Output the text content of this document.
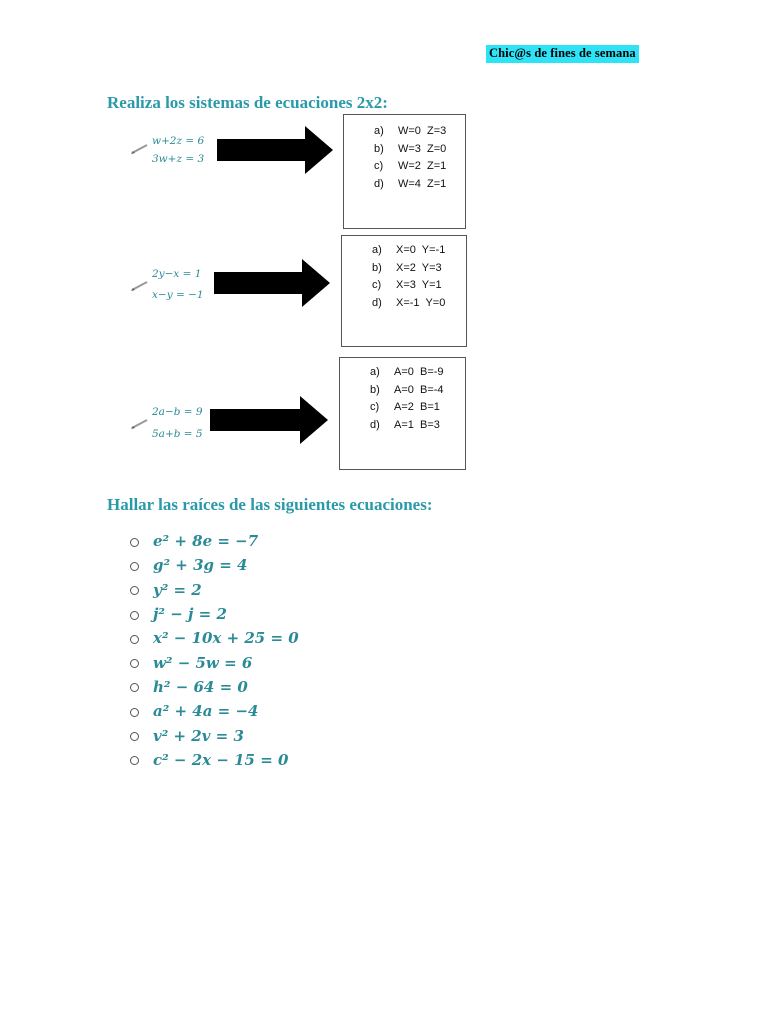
Chic@s de fines de semana
Realiza los sistemas de ecuaciones 2x2:
w+2z = 6
3w+z = 3
a)	W=0  Z=3
b)	W=3  Z=0
c)	W=2  Z=1
d)	W=4  Z=1
2y−x = 1
x−y = −1
a)	X=0  Y=-1
b)	X=2  Y=3
c)	X=3  Y=1
d)	X=-1  Y=0
2a−b = 9
5a+b = 5
a)	A=0  B=-9
b)	A=0  B=-4
c)	A=2  B=1
d)	A=1  B=3
Hallar las raíces de las siguientes ecuaciones:
e² + 8e = −7
g² + 3g = 4
y² = 2
j² − j = 2
x² − 10x + 25 = 0
w² − 5w = 6
h² − 64 = 0
a² + 4a = −4
v² + 2v = 3
c² − 2x − 15 = 0
